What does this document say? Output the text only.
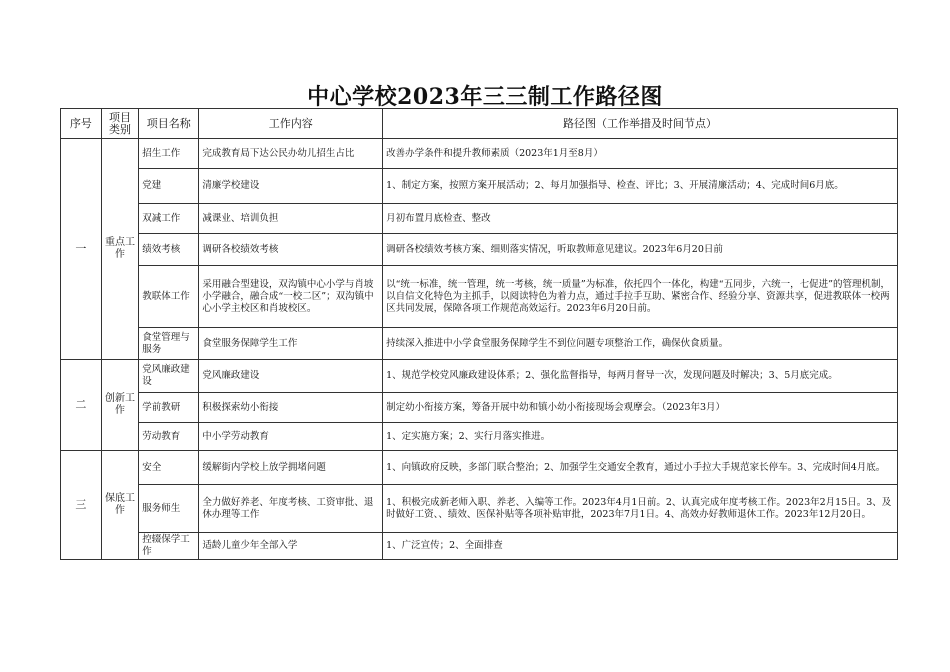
中心学校2023年三三制工作路径图
序号	项目类别	项目名称	工作内容	路径图（工作举措及时间节点）
一	重点工作	招生工作	完成教育局下达公民办幼儿招生占比	改善办学条件和提升教师素质（2023年1月至8月）
		党建	清廉学校建设	1、制定方案，按照方案开展活动；2、每月加强指导、检查、评比；3、开展清廉活动；4、完成时间6月底。
		双减工作	减课业、培训负担	月初布置月底检查、整改
		绩效考核	调研各校绩效考核	调研各校绩效考核方案、细则落实情况，听取教师意见建议。2023年6月20日前
		教联体工作	采用融合型建设，双沟镇中心小学与肖坡小学融合，融合成“一校二区”；双沟镇中心小学主校区和肖坡校区。	以“统一标准，统一管理，统一考核，统一质量”为标准，依托四个一体化，构建“五同步，六统一，七促进”的管理机制，以自信文化特色为主抓手，以阅读特色为着力点，通过手拉手互助、紧密合作、经验分享、资源共享，促进教联体一校两区共同发展，保障各项工作规范高效运行。2023年6月20日前。
		食堂管理与服务	食堂服务保障学生工作	持续深入推进中小学食堂服务保障学生不到位问题专项整治工作，确保伙食质量。
二	创新工作	党风廉政建设	党风廉政建设	1、规范学校党风廉政建设体系；2、强化监督指导，每两月督导一次，发现问题及时解决；3、5月底完成。
		学前教研	积极探索幼小衔接	制定幼小衔接方案，筹备开展中幼和镇小幼小衔接现场会观摩会。（2023年3月）
		劳动教育	中小学劳动教育	1、定实施方案；2、实行月落实推进。
三	保底工作	安全	缓解街内学校上放学拥堵问题	1、向镇政府反映，多部门联合整治；2、加强学生交通安全教育，通过小手拉大手规范家长停车。3、完成时间4月底。
		服务师生	全力做好养老、年度考核、工资审批、退休办理等工作	1、积极完成新老师入职、养老、入编等工作。2023年4月1日前。2、认真完成年度考核工作。2023年2月15日。3、及时做好工资、、绩效、医保补贴等各项补贴审批，2023年7月1日。4、高效办好教师退休工作。2023年12月20日。
		控辍保学工作	适龄儿童少年全部入学	1、广泛宣传；2、全面排查
